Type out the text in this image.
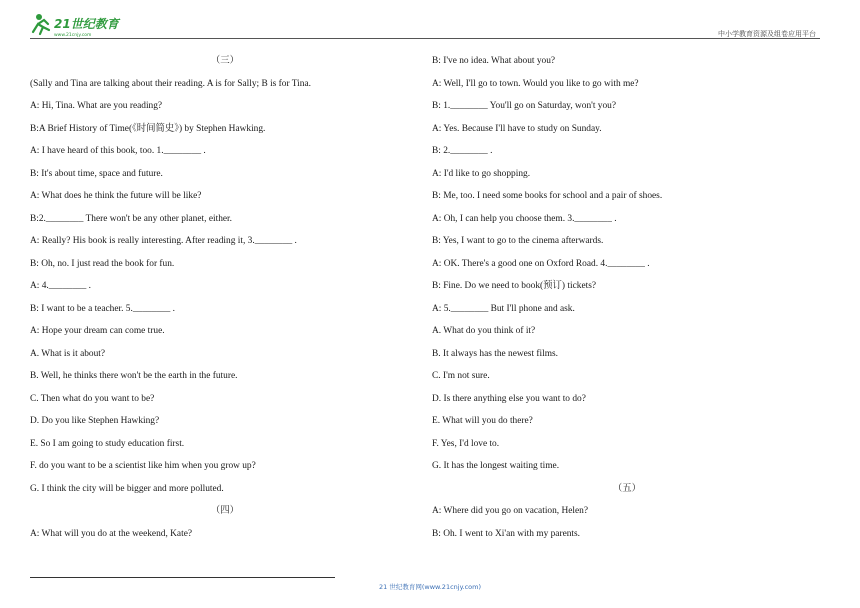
21世纪教育
www.21cnjy.com	中小学教育资源及组卷应用平台
（三）
(Sally and Tina are talking about their reading. A is for Sally; B is for Tina.
A: Hi, Tina. What are you reading?
B:A Brief History of Time(《时间简史》) by Stephen Hawking.
A: I have heard of this book, too. 1.________ .
B: It's about time, space and future.
A: What does he think the future will be like?
B:2.________ There won't be any other planet, either.
A: Really? His book is really interesting. After reading it, 3.________ .
B: Oh, no. I just read the book for fun.
A: 4.________ .
B: I want to be a teacher. 5.________ .
A: Hope your dream can come true.
A. What is it about?
B. Well, he thinks there won't be the earth in the future.
C. Then what do you want to be?
D. Do you like Stephen Hawking?
E. So I am going to study education first.
F. do you want to be a scientist like him when you grow up?
G. I think the city will be bigger and more polluted.
（四）
A: What will you do at the weekend, Kate?
B: I've no idea. What about you?
A: Well, I'll go to town. Would you like to go with me?
B: 1.________ You'll go on Saturday, won't you?
A: Yes. Because I'll have to study on Sunday.
B: 2.________ .
A: I'd like to go shopping.
B: Me, too. I need some books for school and a pair of shoes.
A: Oh, I can help you choose them. 3.________ .
B: Yes, I want to go to the cinema afterwards.
A: OK. There's a good one on Oxford Road. 4.________ .
B: Fine. Do we need to book(预订) tickets?
A: 5.________ But I'll phone and ask.
A. What do you think of it?
B. It always has the newest films.
C. I'm not sure.
D. Is there anything else you want to do?
E. What will you do there?
F. Yes, I'd love to.
G. It has the longest waiting time.
（五）
A: Where did you go on vacation, Helen?
B: Oh. I went to Xi'an with my parents.
21 世纪教育网(www.21cnjy.com)
